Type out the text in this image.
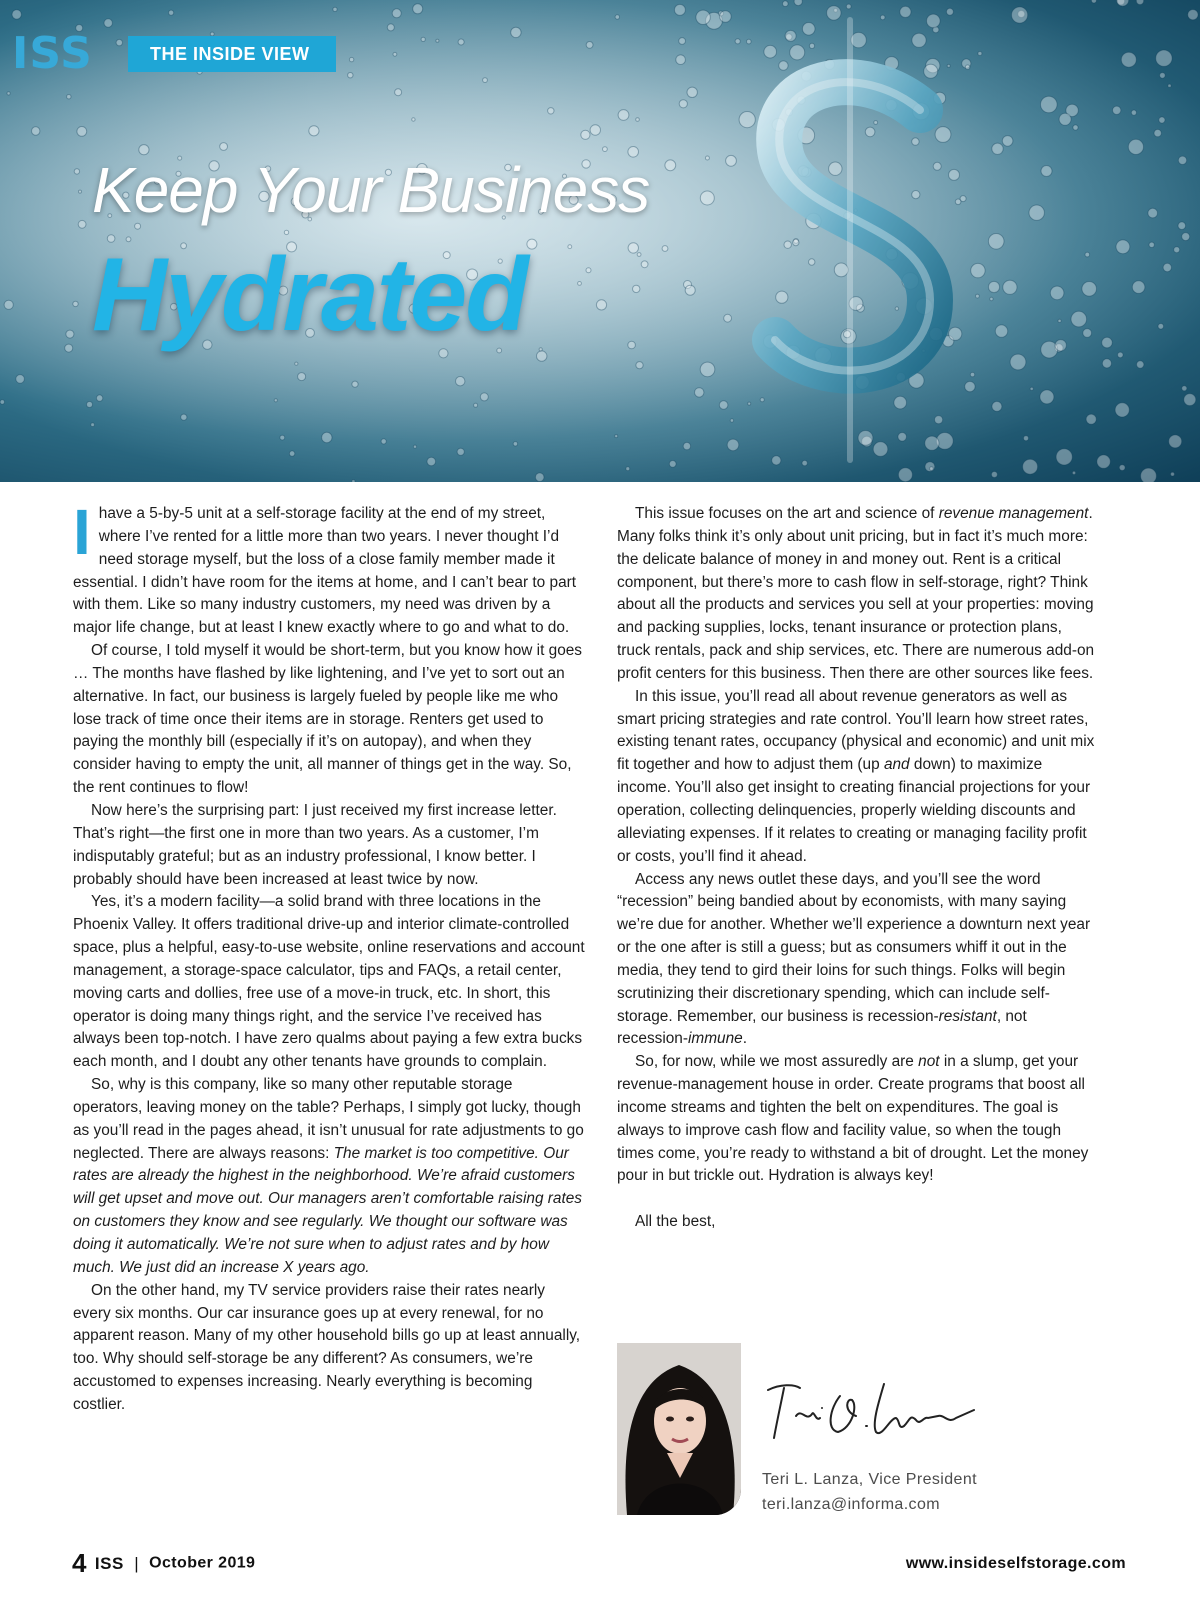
ISS	THE INSIDE VIEW
Keep Your Business
Hydrated

Ihave a 5-by-5 unit at a self-storage facility at the end of my street, where I’ve rented for a little more than two years. I never thought I’d need storage myself, but the loss of a close family member made it essential. I didn’t have room for the items at home, and I can’t bear to part with them. Like so many industry customers, my need was driven by a major life change, but at least I knew exactly where to go and what to do.

Of course, I told myself it would be short-term, but you know how it goes … The months have flashed by like lightening, and I’ve yet to sort out an alternative. In fact, our business is largely fueled by people like me who lose track of time once their items are in storage. Renters get used to paying the monthly bill (especially if it’s on autopay), and when they consider having to empty the unit, all manner of things get in the way. So, the rent continues to flow!

Now here’s the surprising part: I just received my first increase letter. That’s right—the first one in more than two years. As a customer, I’m indisputably grateful; but as an industry professional, I know better. I probably should have been increased at least twice by now.

Yes, it’s a modern facility—a solid brand with three locations in the Phoenix Valley. It offers traditional drive-up and interior climate-controlled space, plus a helpful, easy-to-use website, online reservations and account management, a storage-space calculator, tips and FAQs, a retail center, moving carts and dollies, free use of a move-in truck, etc. In short, this operator is doing many things right, and the service I’ve received has always been top-notch. I have zero qualms about paying a few extra bucks each month, and I doubt any other tenants have grounds to complain.

So, why is this company, like so many other reputable storage operators, leaving money on the table? Perhaps, I simply got lucky, though as you’ll read in the pages ahead, it isn’t unusual for rate adjustments to go neglected. There are always reasons: The market is too competitive. Our rates are already the highest in the neighborhood. We’re afraid customers will get upset and move out. Our managers aren’t comfortable raising rates on customers they know and see regularly. We thought our software was doing it automatically. We’re not sure when to adjust rates and by how much. We just did an increase X years ago.

On the other hand, my TV service providers raise their rates nearly every six months. Our car insurance goes up at every renewal, for no apparent reason. Many of my other household bills go up at least annually, too. Why should self-storage be any different? As consumers, we’re accustomed to expenses increasing. Nearly everything is becoming costlier.

This issue focuses on the art and science of revenue management. Many folks think it’s only about unit pricing, but in fact it’s much more: the delicate balance of money in and money out. Rent is a critical component, but there’s more to cash flow in self-storage, right? Think about all the products and services you sell at your properties: moving and packing supplies, locks, tenant insurance or protection plans, truck rentals, pack and ship services, etc. There are numerous add-on profit centers for this business. Then there are other sources like fees.

In this issue, you’ll read all about revenue generators as well as smart pricing strategies and rate control. You’ll learn how street rates, existing tenant rates, occupancy (physical and economic) and unit mix fit together and how to adjust them (up and down) to maximize income. You’ll also get insight to creating financial projections for your operation, collecting delinquencies, properly wielding discounts and alleviating expenses. If it relates to creating or managing facility profit or costs, you’ll find it ahead.

Access any news outlet these days, and you’ll see the word “recession” being bandied about by economists, with many saying we’re due for another. Whether we’ll experience a downturn next year or the one after is still a guess; but as consumers whiff it out in the media, they tend to gird their loins for such things. Folks will begin scrutinizing their discretionary spending, which can include self-storage. Remember, our business is recession-resistant, not recession-immune.

So, for now, while we most assuredly are not in a slump, get your revenue-management house in order. Create programs that boost all income streams and tighten the belt on expenditures. The goal is always to improve cash flow and facility value, so when the tough times come, you’re ready to withstand a bit of drought. Let the money pour in but trickle out. Hydration is always key!

All the best,

Teri L. Lanza, Vice President
teri.lanza@informa.com
4 ISS | October 2019	www.insideselfstorage.com
